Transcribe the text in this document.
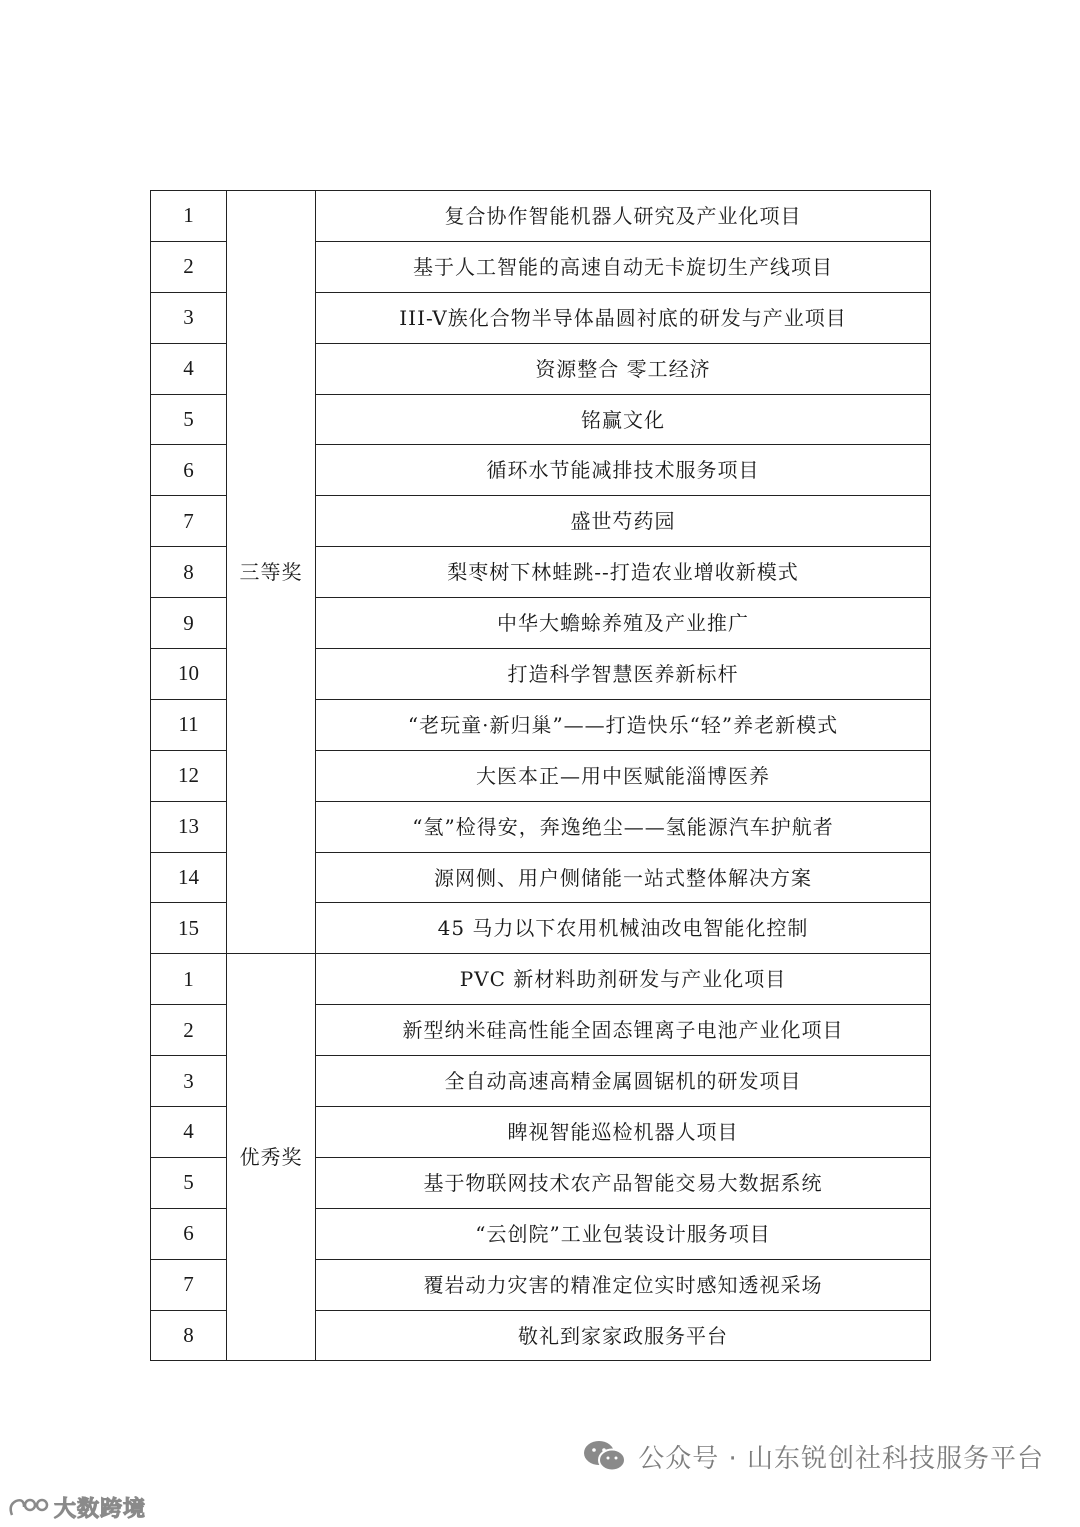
1	三等奖	复合协作智能机器人研究及产业化项目
2		基于人工智能的高速自动无卡旋切生产线项目
3		III-V族化合物半导体晶圆衬底的研发与产业项目
4		资源整合 零工经济
5		铭赢文化
6		循环水节能减排技术服务项目
7		盛世芍药园
8		梨枣树下林蛙跳--打造农业增收新模式
9		中华大蟾蜍养殖及产业推广
10		打造科学智慧医养新标杆
11		“老玩童·新归巢”——打造快乐“轻”养老新模式
12		大医本正—用中医赋能淄博医养
13		“氢”检得安，奔逸绝尘——氢能源汽车护航者
14		源网侧、用户侧储能一站式整体解决方案
15		45 马力以下农用机械油改电智能化控制
1	优秀奖	PVC 新材料助剂研发与产业化项目
2		新型纳米硅高性能全固态锂离子电池产业化项目
3		全自动高速高精金属圆锯机的研发项目
4		睥视智能巡检机器人项目
5		基于物联网技术农产品智能交易大数据系统
6		“云创院”工业包装设计服务项目
7		覆岩动力灾害的精准定位实时感知透视采场
8		敬礼到家家政服务平台
公众号 · 山东锐创社科技服务平台
大数跨境
